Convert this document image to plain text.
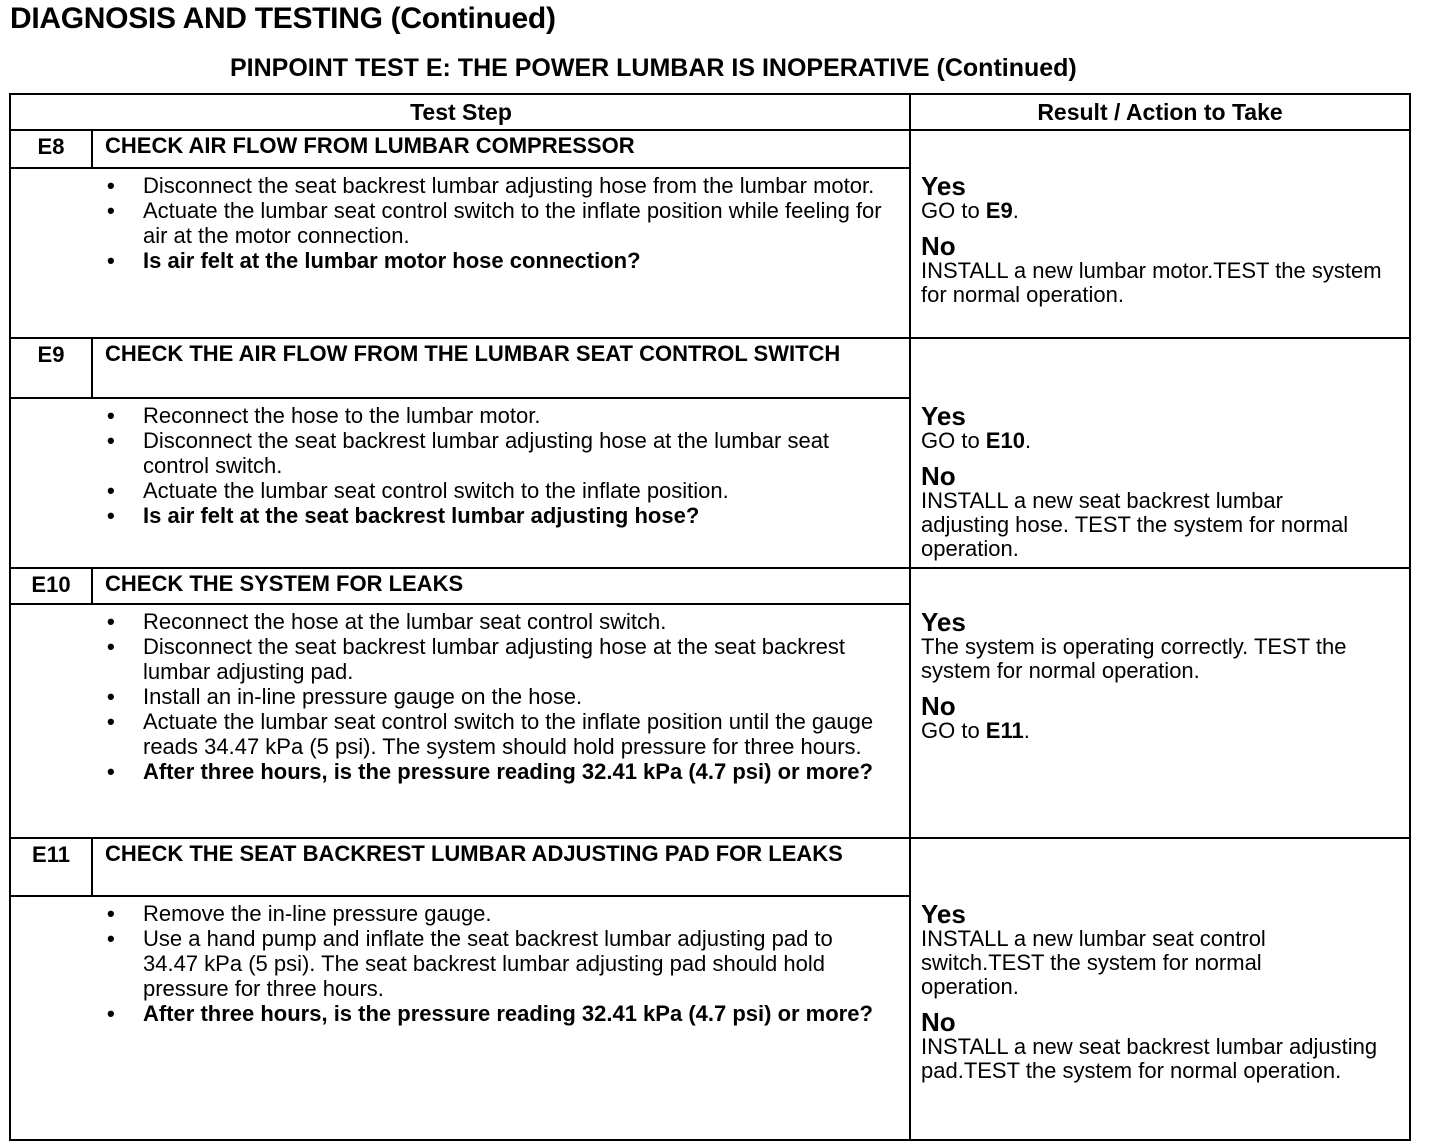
DIAGNOSIS AND TESTING (Continued)
PINPOINT TEST E: THE POWER LUMBAR IS INOPERATIVE (Continued)
Test Step	Result / Action to Take
E8	CHECK AIR FLOW FROM LUMBAR COMPRESSOR
• Disconnect the seat backrest lumbar adjusting hose from the lumbar motor.
• Actuate the lumbar seat control switch to the inflate position while feeling for air at the motor connection.
• Is air felt at the lumbar motor hose connection?
Yes
GO to E9.
No
INSTALL a new lumbar motor.TEST the system for normal operation.
E9	CHECK THE AIR FLOW FROM THE LUMBAR SEAT CONTROL SWITCH
• Reconnect the hose to the lumbar motor.
• Disconnect the seat backrest lumbar adjusting hose at the lumbar seat control switch.
• Actuate the lumbar seat control switch to the inflate position.
• Is air felt at the seat backrest lumbar adjusting hose?
Yes
GO to E10.
No
INSTALL a new seat backrest lumbar adjusting hose. TEST the system for normal operation.
E10	CHECK THE SYSTEM FOR LEAKS
• Reconnect the hose at the lumbar seat control switch.
• Disconnect the seat backrest lumbar adjusting hose at the seat backrest lumbar adjusting pad.
• Install an in-line pressure gauge on the hose.
• Actuate the lumbar seat control switch to the inflate position until the gauge reads 34.47 kPa (5 psi). The system should hold pressure for three hours.
• After three hours, is the pressure reading 32.41 kPa (4.7 psi) or more?
Yes
The system is operating correctly. TEST the system for normal operation.
No
GO to E11.
E11	CHECK THE SEAT BACKREST LUMBAR ADJUSTING PAD FOR LEAKS
• Remove the in-line pressure gauge.
• Use a hand pump and inflate the seat backrest lumbar adjusting pad to 34.47 kPa (5 psi). The seat backrest lumbar adjusting pad should hold pressure for three hours.
• After three hours, is the pressure reading 32.41 kPa (4.7 psi) or more?
Yes
INSTALL a new lumbar seat control switch.TEST the system for normal operation.
No
INSTALL a new seat backrest lumbar adjusting pad.TEST the system for normal operation.
